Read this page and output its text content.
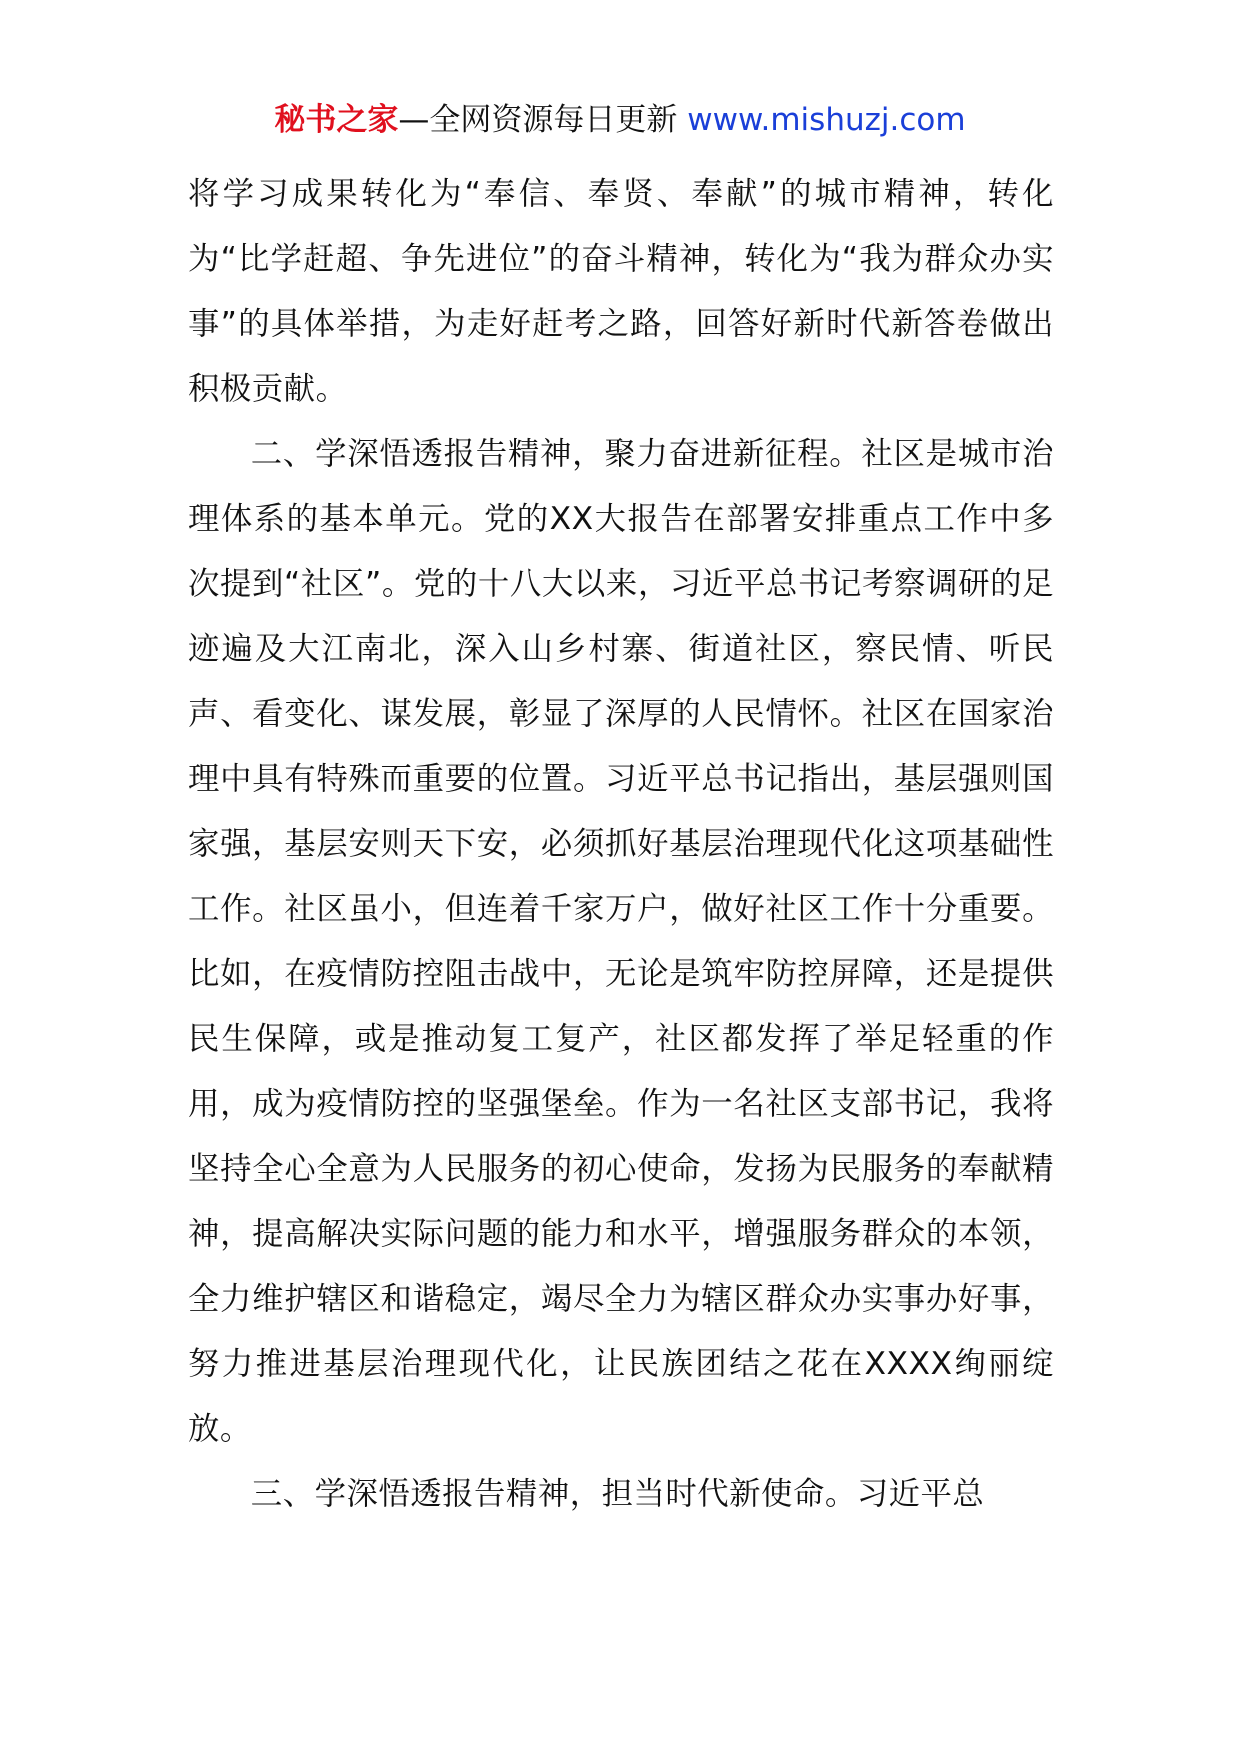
秘书之家—全网资源每日更新 www.mishuzj.com

将学习成果转化为“奉信、奉贤、奉献”的城市精神，转化为“比学赶超、争先进位”的奋斗精神，转化为“我为群众办实事”的具体举措，为走好赶考之路，回答好新时代新答卷做出积极贡献。

二、学深悟透报告精神，聚力奋进新征程。社区是城市治理体系的基本单元。党的XX大报告在部署安排重点工作中多次提到“社区”。党的十八大以来，习近平总书记考察调研的足迹遍及大江南北，深入山乡村寨、街道社区，察民情、听民声、看变化、谋发展，彰显了深厚的人民情怀。社区在国家治理中具有特殊而重要的位置。习近平总书记指出，基层强则国家强，基层安则天下安，必须抓好基层治理现代化这项基础性工作。社区虽小，但连着千家万户，做好社区工作十分重要。比如，在疫情防控阻击战中，无论是筑牢防控屏障，还是提供民生保障，或是推动复工复产，社区都发挥了举足轻重的作用，成为疫情防控的坚强堡垒。作为一名社区支部书记，我将坚持全心全意为人民服务的初心使命，发扬为民服务的奉献精神，提高解决实际问题的能力和水平，增强服务群众的本领，全力维护辖区和谐稳定，竭尽全力为辖区群众办实事办好事，努力推进基层治理现代化，让民族团结之花在XXXX绚丽绽放。

三、学深悟透报告精神，担当时代新使命。习近平总
